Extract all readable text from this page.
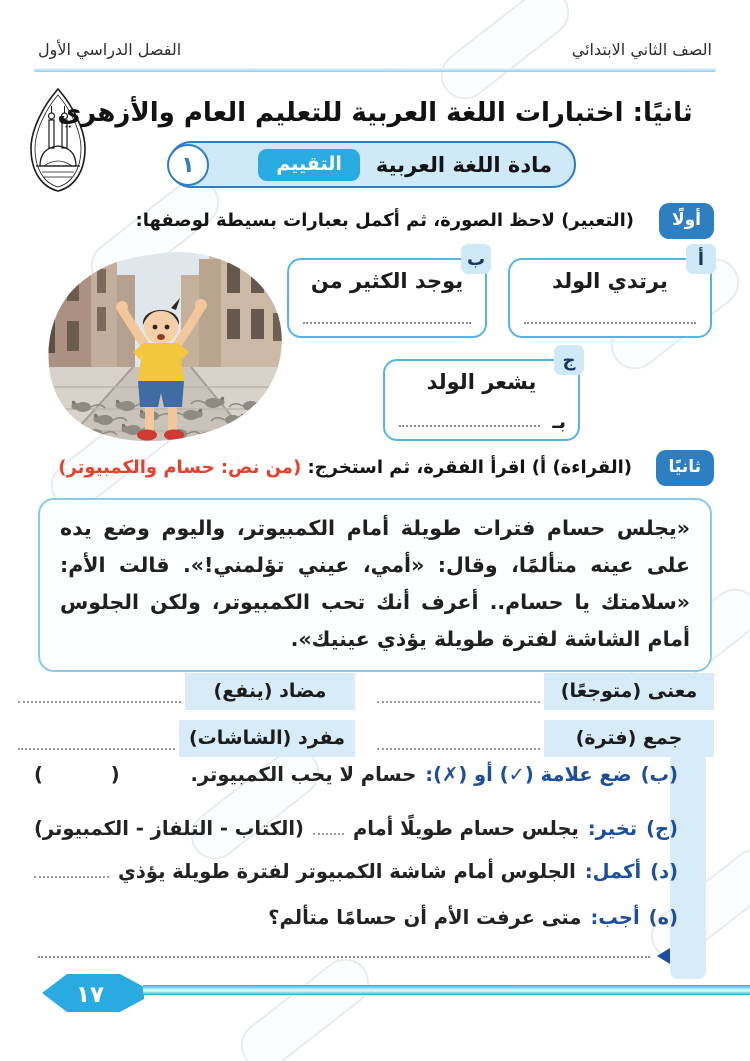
الصف الثاني الابتدائي
الفصل الدراسي الأول
ثانيًا: اختبارات اللغة العربية للتعليم العام والأزهري
مادة اللغة العربية
التقييم
١
أولًا
(التعبير) لاحظ الصورة، ثم أكمل بعبارات بسيطة لوصفها:
أ
يرتدي الولد
ب
يوجد الكثير من
ج
يشعر الولد
بـ
ثانيًا
(القراءة) أ) اقرأ الفقرة، ثم استخرج: (من نص: حسام والكمبيوتر)

«يجلس حسام فترات طويلة أمام الكمبيوتر، واليوم وضع يده على عينه متألمًا، وقال: «أمي، عيني تؤلمني!». قالت الأم: «سلامتك يا حسام.. أعرف أنك تحب الكمبيوتر، ولكن الجلوس أمام الشاشة لفترة طويلة يؤذي عينيك».

معنى (متوجعًا)
مضاد (ينفع)
جمع (فترة)
مفرد (الشاشات)
(ب)
ضع علامة (✓) أو (✗):
حسام لا يحب الكمبيوتر.
(          )
(ج)
تخير:
يجلس حسام طويلًا أمام
(الكتاب - التلفاز - الكمبيوتر)
(د)
أكمل:
الجلوس أمام شاشة الكمبيوتر لفترة طويلة يؤذي
(ه)
أجب:
متى عرفت الأم أن حسامًا متألم؟
١٧
